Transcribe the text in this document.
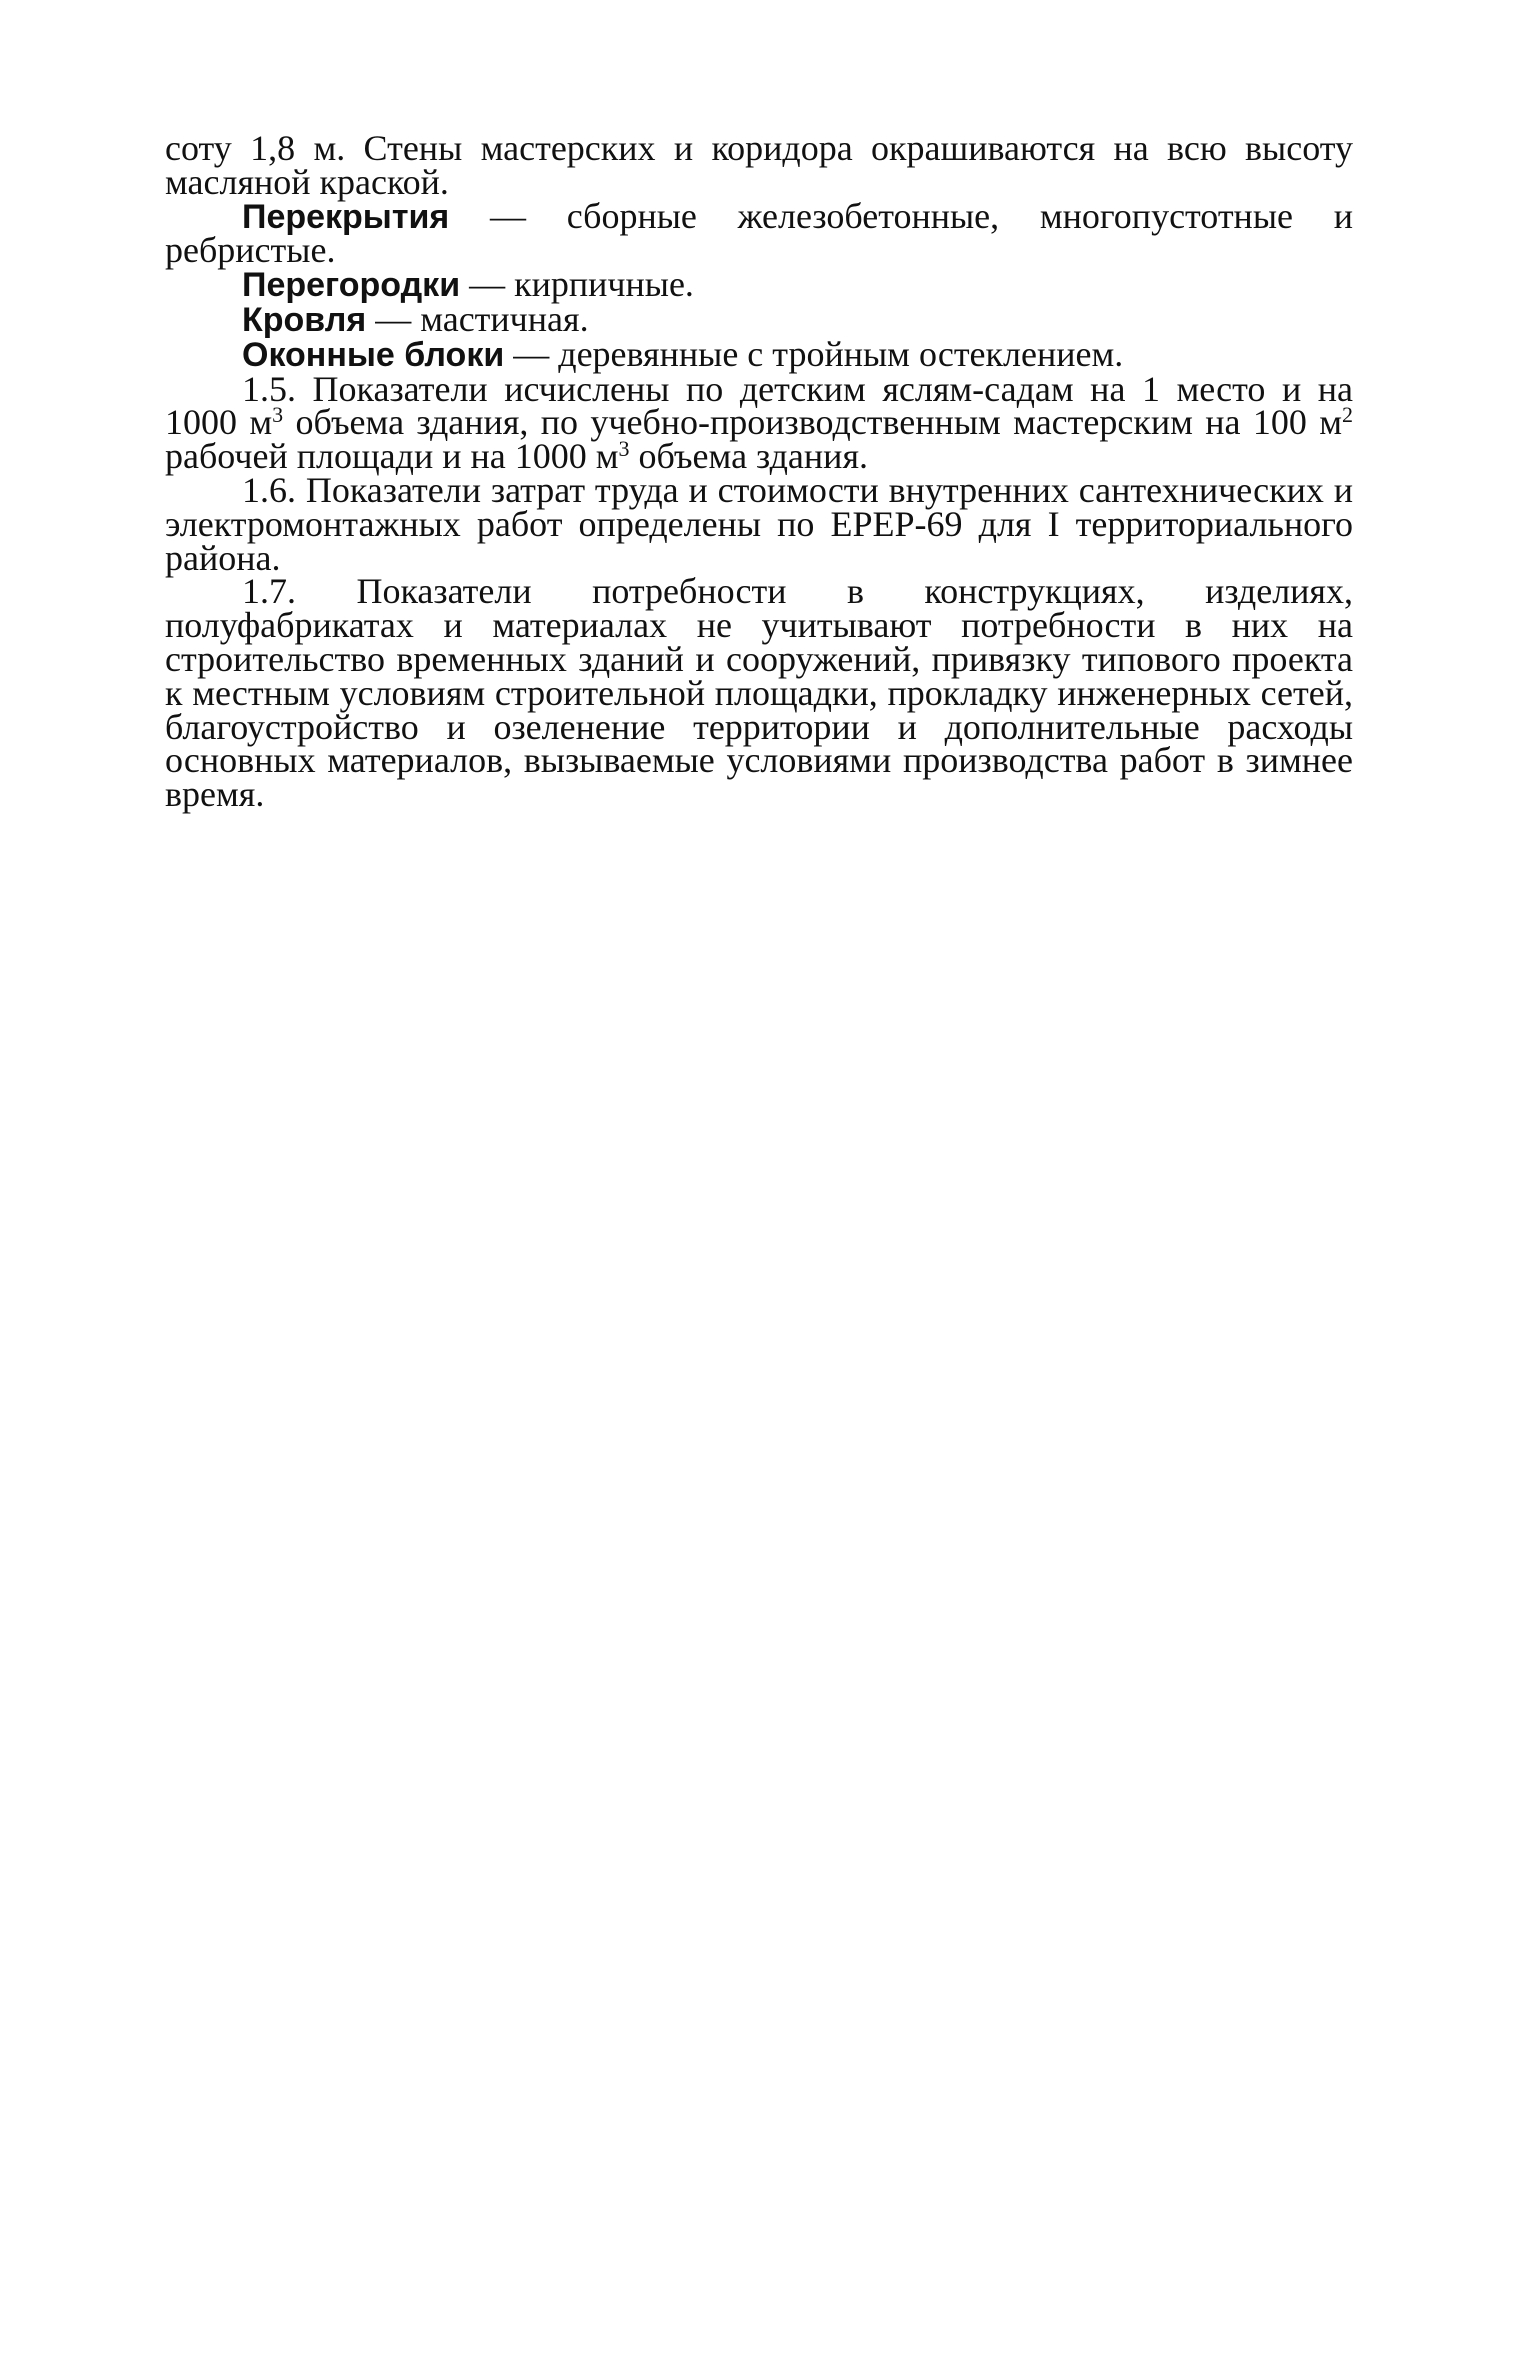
соту 1,8 м. Стены мастерских и коридора окрашиваются на всю высоту масляной краской.

Перекрытия — сборные железобетонные, многопустотные и ребристые.

Перегородки — кирпичные.

Кровля — мастичная.

Оконные блоки — деревянные с тройным остеклением.

1.5. Показатели исчислены по детским яслям-садам на 1 место и на 1000 $м^3$ объема здания, по учебно-производственным мастерским на 100 $м^2$ рабочей площади и на 1000 $м^3$ объема здания.

1.6. Показатели затрат труда и стоимости внутренних сантехнических и электромонтажных работ определены по ЕРЕР-69 для I территориального района.

1.7. Показатели потребности в конструкциях, изделиях, полуфабрикатах и материалах не учитывают потребности в них на строительство временных зданий и сооружений, привязку типового проекта к местным условиям строительной площадки, прокладку инженерных сетей, благоустройство и озеленение территории и дополнительные расходы основных материалов, вызываемые условиями производства работ в зимнее время.
